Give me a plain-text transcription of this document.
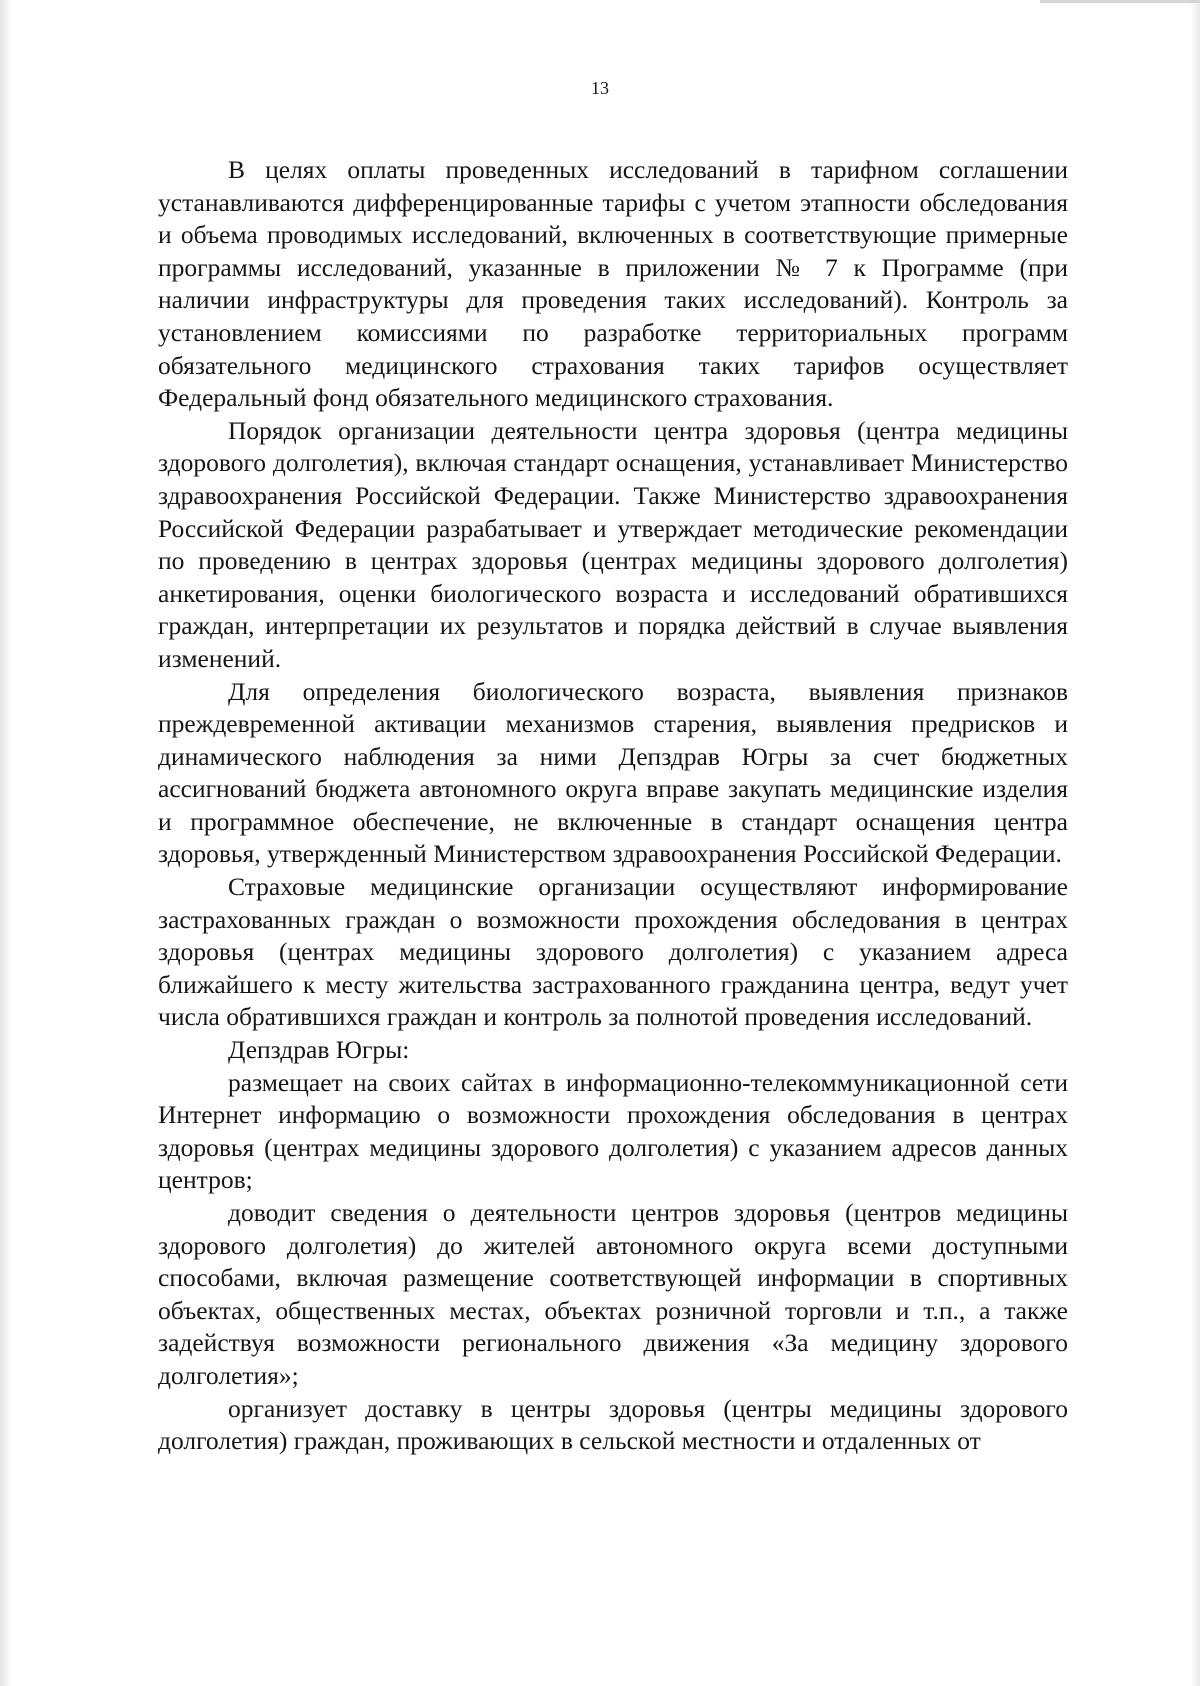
13

В целях оплаты проведенных исследований в тарифном соглашении устанавливаются дифференцированные тарифы с учетом этапности обследования и объема проводимых исследований, включенных в соответствующие примерные программы исследований, указанные в приложении № 7 к Программе (при наличии инфраструктуры для проведения таких исследований). Контроль за установлением комиссиями по разработке территориальных программ обязательного медицинского страхования таких тарифов осуществляет Федеральный фонд обязательного медицинского страхования.

Порядок организации деятельности центра здоровья (центра медицины здорового долголетия), включая стандарт оснащения, устанавливает Министерство здравоохранения Российской Федерации. Также Министерство здравоохранения Российской Федерации разрабатывает и утверждает методические рекомендации по проведению в центрах здоровья (центрах медицины здорового долголетия) анкетирования, оценки биологического возраста и исследований обратившихся граждан, интерпретации их результатов и порядка действий в случае выявления изменений.

Для определения биологического возраста, выявления признаков преждевременной активации механизмов старения, выявления предрисков и динамического наблюдения за ними Депздрав Югры за счет бюджетных ассигнований бюджета автономного округа вправе закупать медицинские изделия и программное обеспечение, не включенные в стандарт оснащения центра здоровья, утвержденный Министерством здравоохранения Российской Федерации.

Страховые медицинские организации осуществляют информирование застрахованных граждан о возможности прохождения обследования в центрах здоровья (центрах медицины здорового долголетия) с указанием адреса ближайшего к месту жительства застрахованного гражданина центра, ведут учет числа обратившихся граждан и контроль за полнотой проведения исследований.

Депздрав Югры:

размещает на своих сайтах в информационно-телекоммуникационной сети Интернет информацию о возможности прохождения обследования в центрах здоровья (центрах медицины здорового долголетия) с указанием адресов данных центров;

доводит сведения о деятельности центров здоровья (центров медицины здорового долголетия) до жителей автономного округа всеми доступными способами, включая размещение соответствующей информации в спортивных объектах, общественных местах, объектах розничной торговли и т.п., а также задействуя возможности регионального движения «За медицину здорового долголетия»;

организует доставку в центры здоровья (центры медицины здорового долголетия) граждан, проживающих в сельской местности и отдаленных от
